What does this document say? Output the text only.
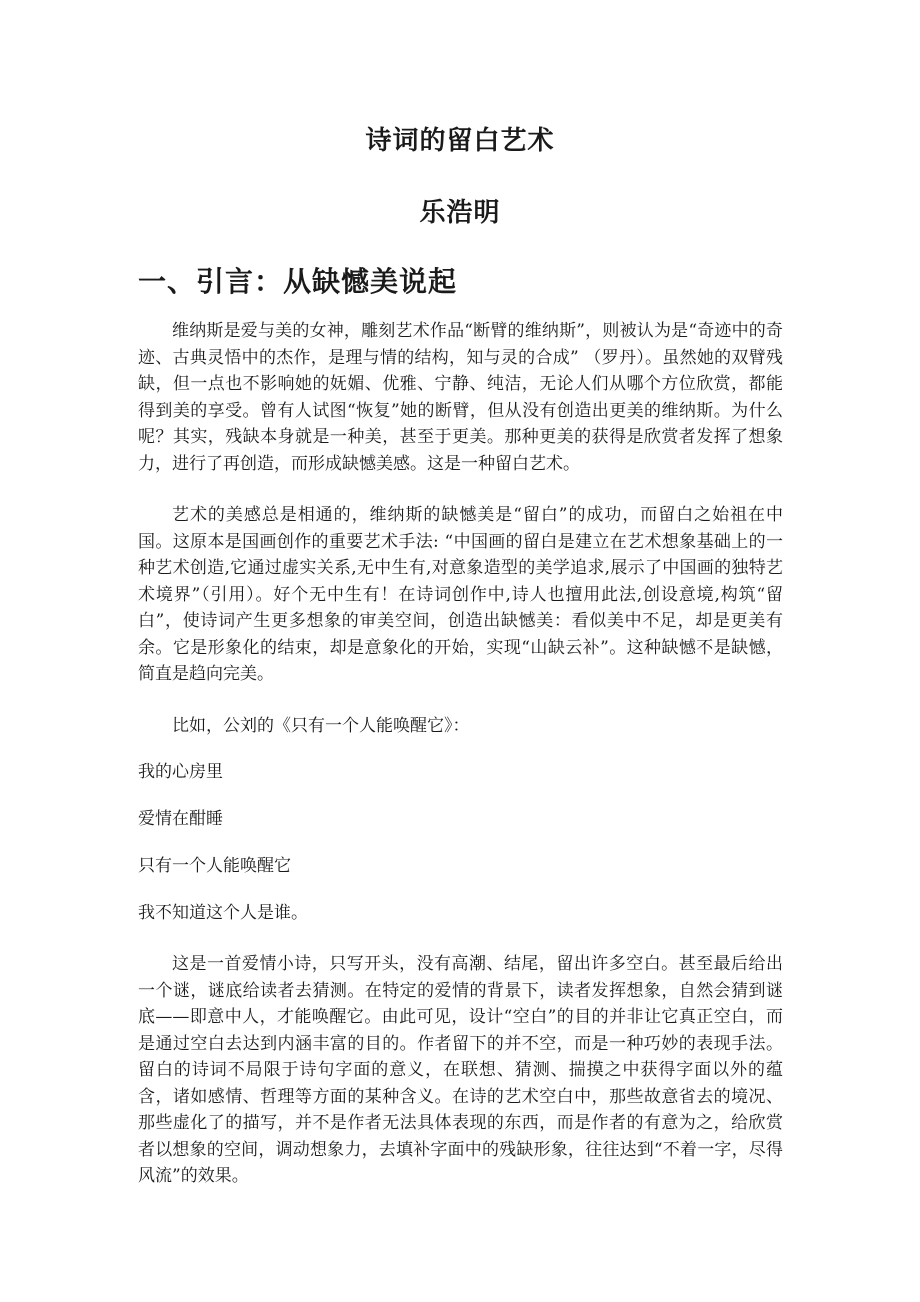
诗词的留白艺术
乐浩明
一、引言：从缺憾美说起

维纳斯是爱与美的女神，雕刻艺术作品“断臂的维纳斯”，则被认为是“奇迹中的奇迹、古典灵悟中的杰作，是理与情的结构，知与灵的合成” （罗丹）。虽然她的双臂残缺，但一点也不影响她的妩媚、优雅、宁静、纯洁，无论人们从哪个方位欣赏，都能得到美的享受。曾有人试图“恢复”她的断臂，但从没有创造出更美的维纳斯。为什么呢？其实，残缺本身就是一种美，甚至于更美。那种更美的获得是欣赏者发挥了想象力，进行了再创造，而形成缺憾美感。这是一种留白艺术。

艺术的美感总是相通的，维纳斯的缺憾美是“留白”的成功，而留白之始祖在中国。这原本是国画创作的重要艺术手法: “中国画的留白是建立在艺术想象基础上的一种艺术创造,它通过虚实关系,无中生有,对意象造型的美学追求,展示了中国画的独特艺术境界”（引用）。好个无中生有！在诗词创作中,诗人也擅用此法,创设意境,构筑“留白”，使诗词产生更多想象的审美空间，创造出缺憾美：看似美中不足，却是更美有余。它是形象化的结束，却是意象化的开始，实现“山缺云补”。这种缺憾不是缺憾，简直是趋向完美。

比如，公刘的《只有一个人能唤醒它》：

我的心房里

爱情在酣睡

只有一个人能唤醒它

我不知道这个人是谁。

这是一首爱情小诗，只写开头，没有高潮、结尾，留出许多空白。甚至最后给出一个谜，谜底给读者去猜测。在特定的爱情的背景下，读者发挥想象，自然会猜到谜底——即意中人，才能唤醒它。由此可见，设计“空白”的目的并非让它真正空白，而是通过空白去达到内涵丰富的目的。作者留下的并不空，而是一种巧妙的表现手法。留白的诗词不局限于诗句字面的意义，在联想、猜测、揣摸之中获得字面以外的蕴含，诸如感情、哲理等方面的某种含义。在诗的艺术空白中，那些故意省去的境况、那些虚化了的描写，并不是作者无法具体表现的东西，而是作者的有意为之，给欣赏者以想象的空间，调动想象力，去填补字面中的残缺形象，往往达到“不着一字，尽得风流”的效果。
